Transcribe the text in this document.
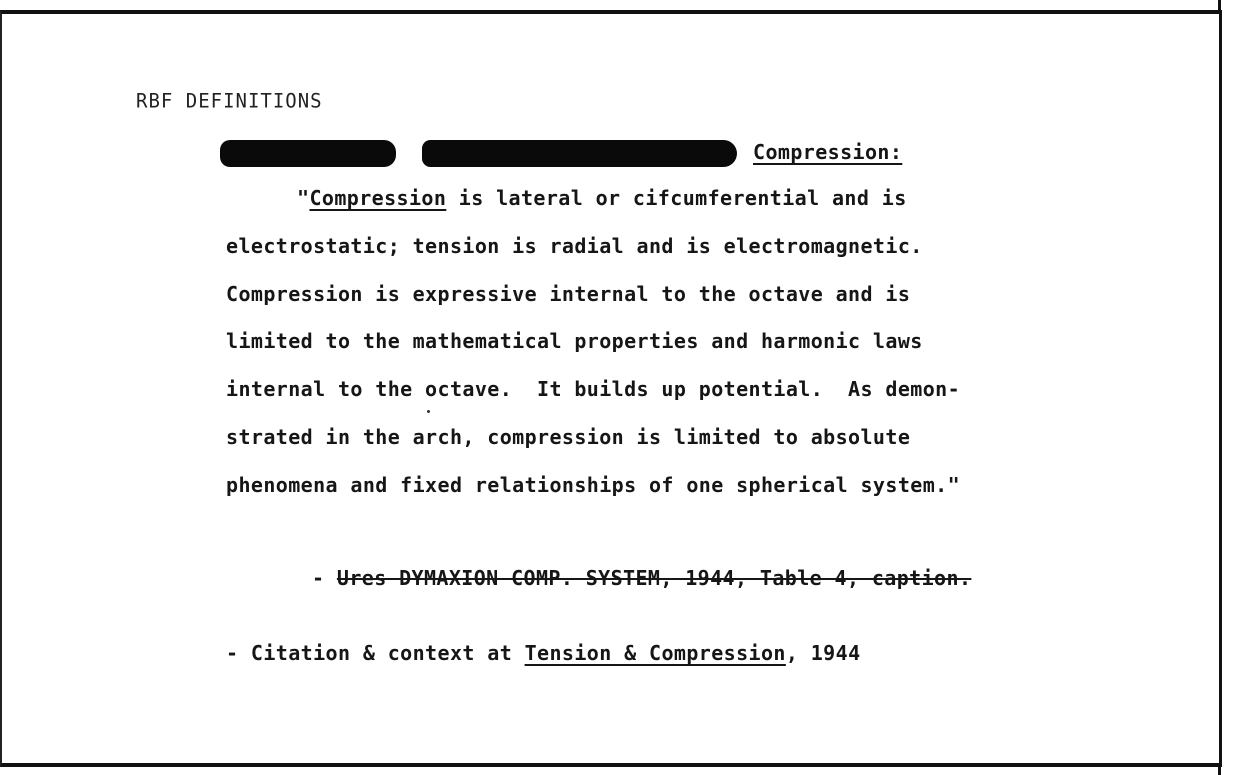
RBF DEFINITIONS
Compression:
"Compression is lateral or cifcumferential and is
electrostatic; tension is radial and is electromagnetic.
Compression is expressive internal to the octave and is
limited to the mathematical properties and harmonic laws
internal to the octave.  It builds up potential.  As demon-
strated in the arch, compression is limited to absolute
phenomena and fixed relationships of one spherical system."
- Ures DYMAXION COMP. SYSTEM, 1944, Table 4, caption.
- Citation & context at Tension & Compression, 1944
